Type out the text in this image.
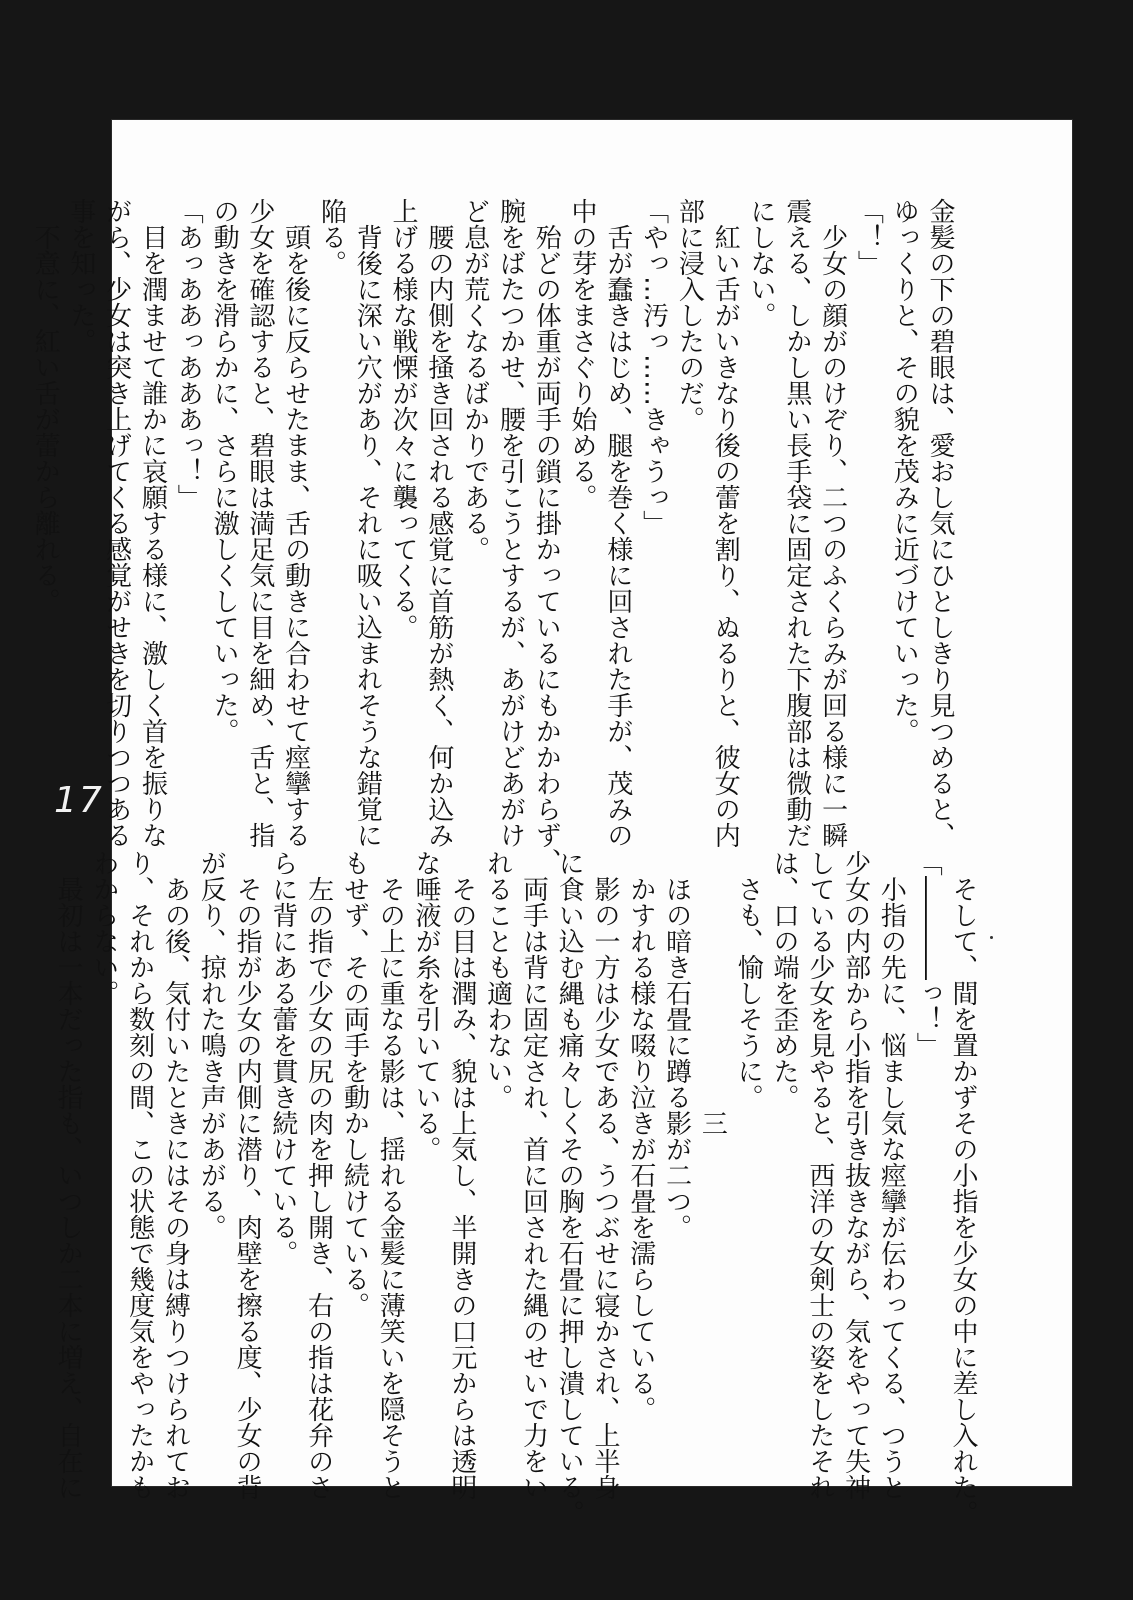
17	金髪の下の碧眼は、愛おし気にひとしきり見つめると、
ゆっくりと、その貌を茂みに近づけていった。
「！」
　少女の顔がのけぞり、二つのふくらみが回る様に一瞬
震える、しかし黒い長手袋に固定された下腹部は微動だ
にしない。
　紅い舌がいきなり後の蕾を割り、ぬるりと、彼女の内
部に浸入したのだ。
「やっ…汚っ……きゃうっ」
　舌が蠢きはじめ、腿を巻く様に回された手が、茂みの
中の芽をまさぐり始める。
　殆どの体重が両手の鎖に掛かっているにもかかわらず、
腕をばたつかせ、腰を引こうとするが、あがけどあがけ
ど息が荒くなるばかりである。
　腰の内側を掻き回される感覚に首筋が熱く、何か込み
上げる様な戦慄が次々に襲ってくる。
　背後に深い穴があり、それに吸い込まれそうな錯覚に
陥る。
　頭を後に反らせたまま、舌の動きに合わせて痙攣する
少女を確認すると、碧眼は満足気に目を細め、舌と、指
の動きを滑らかに、さらに激しくしていった。
「あっああっあああっ！」
　目を潤ませて誰かに哀願する様に、激しく首を振りな
がら、少女は突き上げてくる感覚がせきを切りつつある
事を知った。
　不意に、紅い舌が蕾から離れる。
　そして、間を置かずその小指を少女の中に差し入れた。
「――――っ！」
　小指の先に、悩まし気な痙攣が伝わってくる、つうと
少女の内部から小指を引き抜きながら、気をやって失神
している少女を見やると、西洋の女剣士の姿をしたそれ
は、口の端を歪めた。
　さも、愉しそうに。
　　　　　　　　　　三
　ほの暗き石畳に蹲る影が二つ。
　かすれる様な啜り泣きが石畳を濡らしている。
　影の一方は少女である、うつぶせに寝かされ、上半身
に食い込む縄も痛々しくその胸を石畳に押し潰している。
　両手は背に固定され、首に回された縄のせいで力をい
れることも適わない。
　その目は潤み、貌は上気し、半開きの口元からは透明
な唾液が糸を引いている。
　その上に重なる影は、揺れる金髪に薄笑いを隠そうと
もせず、その両手を動かし続けている。
　左の指で少女の尻の肉を押し開き、右の指は花弁のさ
らに背にある蕾を貫き続けている。
　その指が少女の内側に潜り、肉壁を擦る度、少女の背
が反り、掠れた鳴き声があがる。
　あの後、気付いたときにはその身は縛りつけられてお
り、それから数刻の間、この状態で幾度気をやったかも
わからない。
　最初は一本だった指も、いつしか二本に増え、自在に
